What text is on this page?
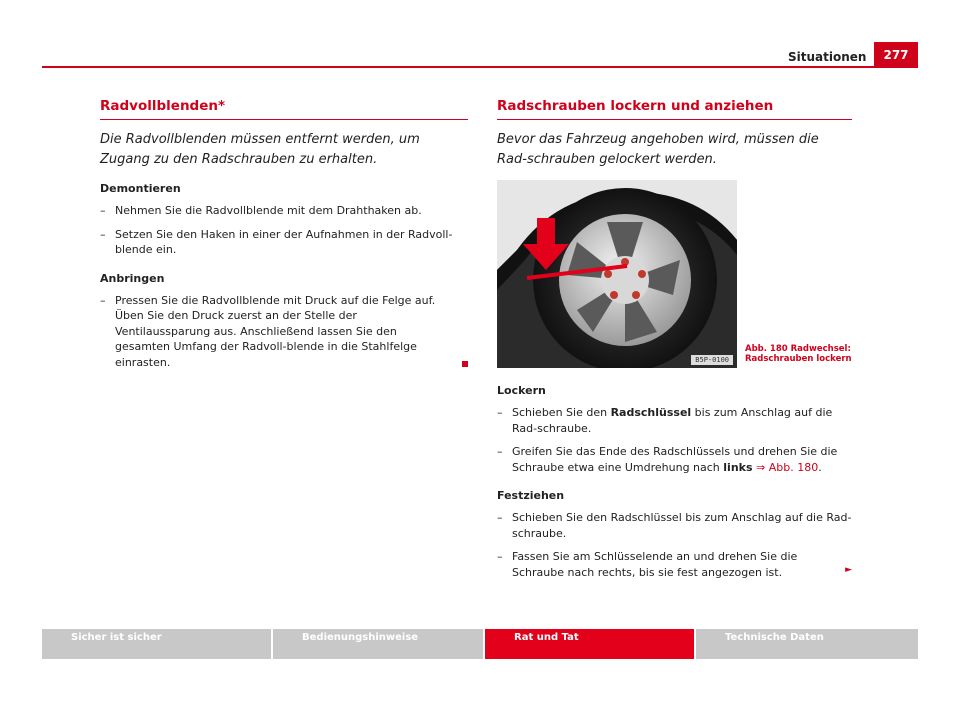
Situationen	277
Radvollblenden*

Die Radvollblenden müssen entfernt werden, um Zugang zu den Radschrauben zu erhalten.

Demontieren
– Nehmen Sie die Radvollblende mit dem Drahthaken ab.
– Setzen Sie den Haken in einer der Aufnahmen in der Radvoll-blende ein.
Anbringen
– Pressen Sie die Radvollblende mit Druck auf die Felge auf. Üben Sie den Druck zuerst an der Stelle der Ventilaussparung aus. Anschließend lassen Sie den gesamten Umfang der Radvoll-blende in die Stahlfelge einrasten.
Radschrauben lockern und anziehen

Bevor das Fahrzeug angehoben wird, müssen die Rad-schrauben gelockert werden.

B5P-0100
Abb. 180 Radwechsel:
Radschrauben lockern
Lockern
– Schieben Sie den Radschlüssel bis zum Anschlag auf die Rad-schraube.
– Greifen Sie das Ende des Radschlüssels und drehen Sie die Schraube etwa eine Umdrehung nach links ⇒ Abb. 180.
Festziehen
– Schieben Sie den Radschlüssel bis zum Anschlag auf die Rad-schraube.
– Fassen Sie am Schlüsselende an und drehen Sie die Schraube nach rechts, bis sie fest angezogen ist.	►
Sicher ist sicher	Bedienungshinweise	Rat und Tat	Technische Daten
